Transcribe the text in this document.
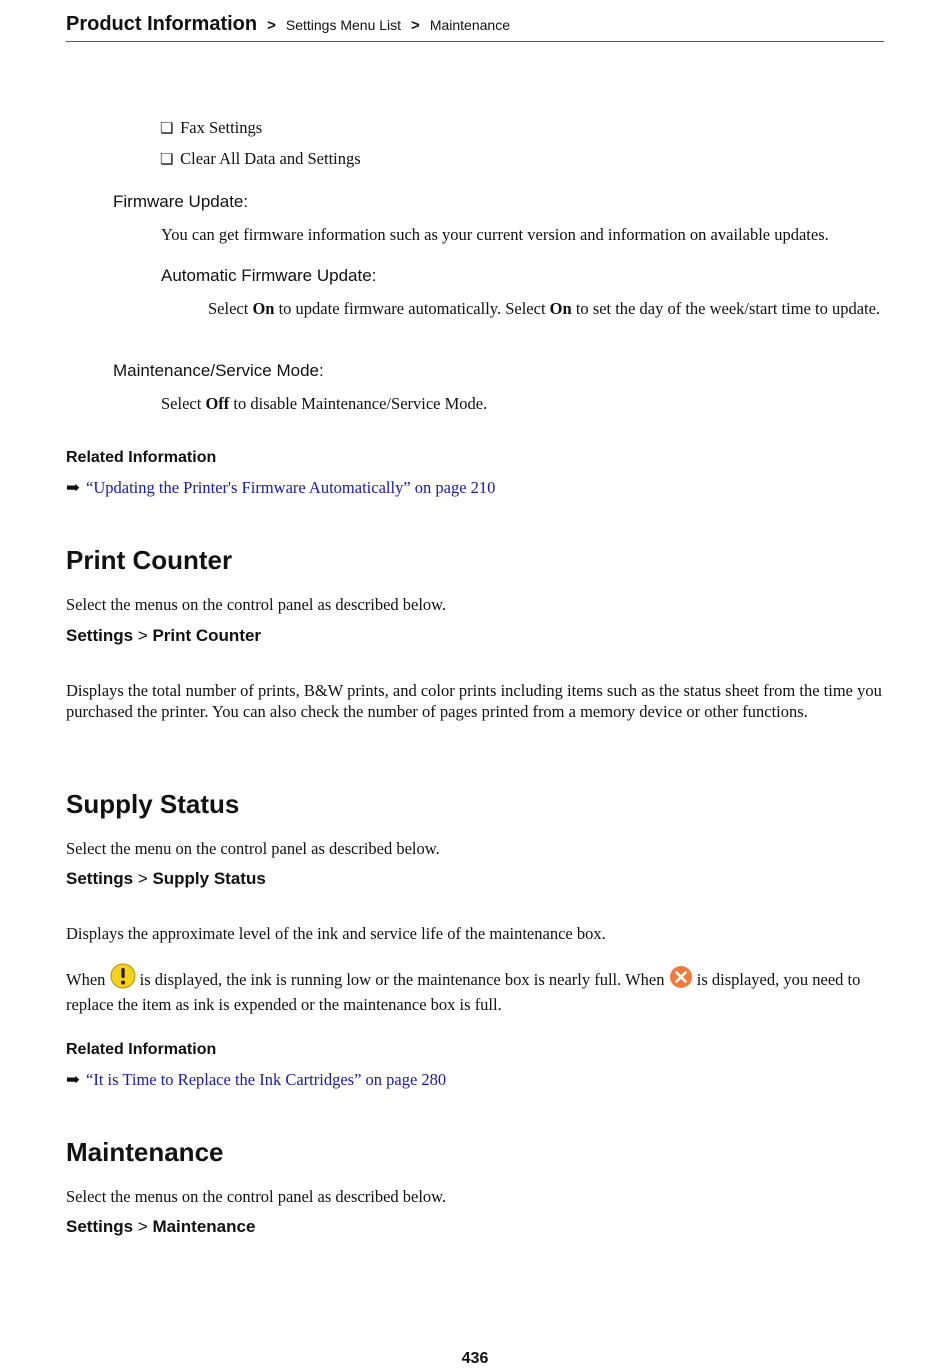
Product Information > Settings Menu List > Maintenance
❏ Fax Settings
❏ Clear All Data and Settings
Firmware Update:
You can get firmware information such as your current version and information on available updates.
Automatic Firmware Update:
Select On to update firmware automatically. Select On to set the day of the week/start time to update.
Maintenance/Service Mode:
Select Off to disable Maintenance/Service Mode.
Related Information
➡ “Updating the Printer's Firmware Automatically” on page 210
Print Counter
Select the menus on the control panel as described below.
Settings > Print Counter
Displays the total number of prints, B&W prints, and color prints including items such as the status sheet from the time you purchased the printer. You can also check the number of pages printed from a memory device or other functions.
Supply Status
Select the menu on the control panel as described below.
Settings > Supply Status
Displays the approximate level of the ink and service life of the maintenance box.
When  is displayed, the ink is running low or the maintenance box is nearly full. When  is displayed, you need to replace the item as ink is expended or the maintenance box is full.
Related Information
➡ “It is Time to Replace the Ink Cartridges” on page 280
Maintenance
Select the menus on the control panel as described below.
Settings > Maintenance
436
